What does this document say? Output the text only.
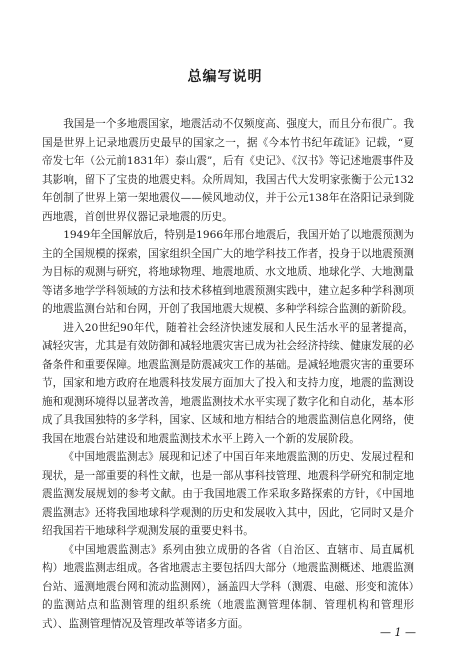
总编写说明

我国是一个多地震国家，地震活动不仅频度高、强度大，而且分布很广。我国是世界上记录地震历史最早的国家之一，据《今本竹书纪年疏证》记载，“夏帝发七年（公元前1831年）泰山震”，后有《史记》、《汉书》等记述地震事件及其影响，留下了宝贵的地震史料。众所周知，我国古代大发明家张衡于公元132年创制了世界上第一架地震仪——候风地动仪，并于公元138年在洛阳记录到陇西地震，首创世界仪器记录地震的历史。

1949年全国解放后，特别是1966年邢台地震后，我国开始了以地震预测为主的全国规模的探索，国家组织全国广大的地学科技工作者，投身于以地震预测为目标的观测与研究，将地球物理、地震地质、水文地质、地球化学、大地测量等诸多地学学科领域的方法和技术移植到地震预测实践中，建立起多种学科测项的地震监测台站和台网，开创了我国地震大规模、多种学科综合监测的新阶段。

进入20世纪90年代，随着社会经济快速发展和人民生活水平的显著提高，减轻灾害，尤其是有效防御和减轻地震灾害已成为社会经济持续、健康发展的必备条件和重要保障。地震监测是防震减灾工作的基础。是减轻地震灾害的重要环节，国家和地方政府在地震科技发展方面加大了投入和支持力度，地震的监测设施和观测环境得以显著改善，地震监测技术水平实现了数字化和自动化，基本形成了具我国独特的多学科，国家、区域和地方相结合的地震监测信息化网络，使我国在地震台站建设和地震监测技术水平上跨入一个新的发展阶段。

《中国地震监测志》展现和记述了中国百年来地震监测的历史、发展过程和现状，是一部重要的科性文献，也是一部从事科技管理、地震科学研究和制定地震监测发展规划的参考文献。由于我国地震工作采取多路探索的方针，《中国地震监测志》还将我国地球科学观测的历史和发展收入其中，因此，它同时又是介绍我国若干地球科学观测发展的重要史料书。

《中国地震监测志》系列由独立成册的各省（自治区、直辖市、局直属机构）地震监测志组成。各省地震志主要包括四大部分（地震监测概述、地震监测台站、遥测地震台网和流动监测网），涵盖四大学科（测震、电磁、形变和流体）的监测站点和监测管理的组织系统（地震监测管理体制、管理机构和管理形式）、监测管理情况及管理改革等诸多方面。

— 1 —
